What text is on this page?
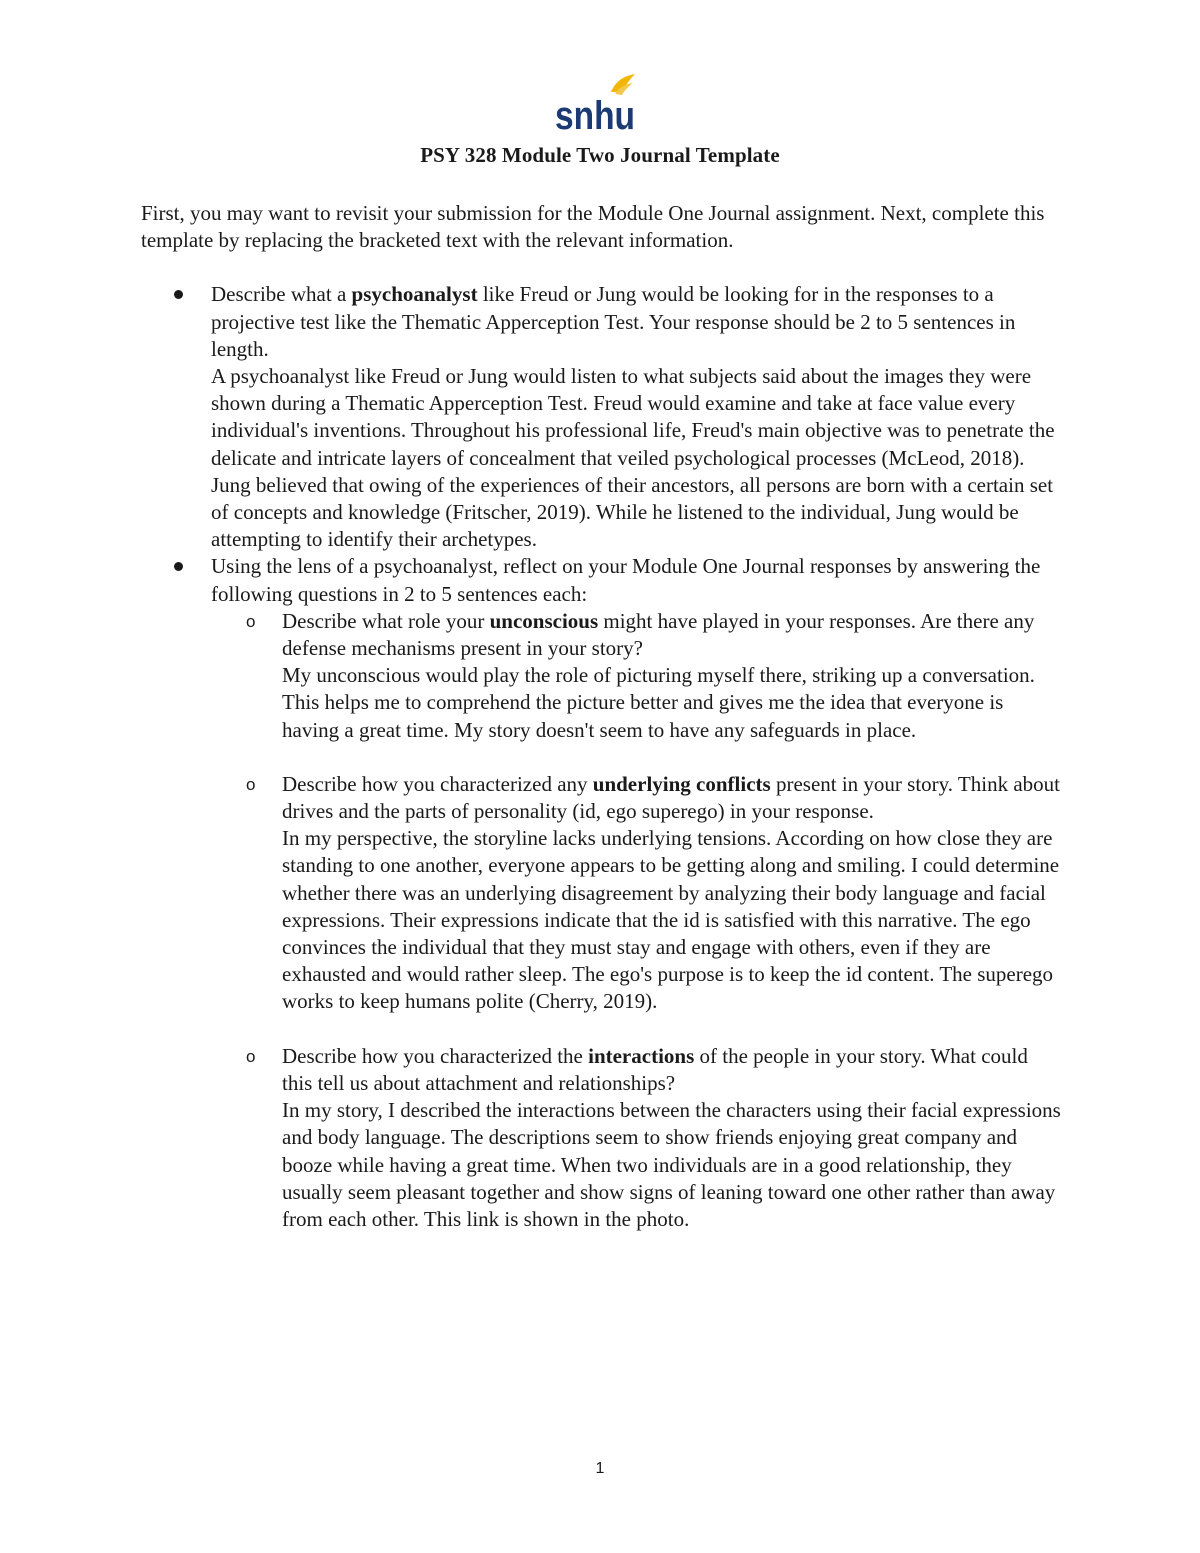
snhu
PSY 328 Module Two Journal Template

First, you may want to revisit your submission for the Module One Journal assignment. Next, complete this template by replacing the bracketed text with the relevant information.

Describe what a psychoanalyst like Freud or Jung would be looking for in the responses to a projective test like the Thematic Apperception Test. Your response should be 2 to 5 sentences in length.

A psychoanalyst like Freud or Jung would listen to what subjects said about the images they were shown during a Thematic Apperception Test. Freud would examine and take at face value every individual's inventions. Throughout his professional life, Freud's main objective was to penetrate the delicate and intricate layers of concealment that veiled psychological processes (McLeod, 2018). Jung believed that owing of the experiences of their ancestors, all persons are born with a certain set of concepts and knowledge (Fritscher, 2019). While he listened to the individual, Jung would be attempting to identify their archetypes.

Using the lens of a psychoanalyst, reflect on your Module One Journal responses by answering the following questions in 2 to 5 sentences each:

o Describe what role your unconscious might have played in your responses. Are there any defense mechanisms present in your story?

My unconscious would play the role of picturing myself there, striking up a conversation. This helps me to comprehend the picture better and gives me the idea that everyone is having a great time. My story doesn't seem to have any safeguards in place.

o Describe how you characterized any underlying conflicts present in your story. Think about drives and the parts of personality (id, ego superego) in your response.

In my perspective, the storyline lacks underlying tensions. According on how close they are standing to one another, everyone appears to be getting along and smiling. I could determine whether there was an underlying disagreement by analyzing their body language and facial expressions. Their expressions indicate that the id is satisfied with this narrative. The ego convinces the individual that they must stay and engage with others, even if they are exhausted and would rather sleep. The ego's purpose is to keep the id content. The superego works to keep humans polite (Cherry, 2019).

o Describe how you characterized the interactions of the people in your story. What could this tell us about attachment and relationships?

In my story, I described the interactions between the characters using their facial expressions and body language. The descriptions seem to show friends enjoying great company and booze while having a great time. When two individuals are in a good relationship, they usually seem pleasant together and show signs of leaning toward one other rather than away from each other. This link is shown in the photo.

1
